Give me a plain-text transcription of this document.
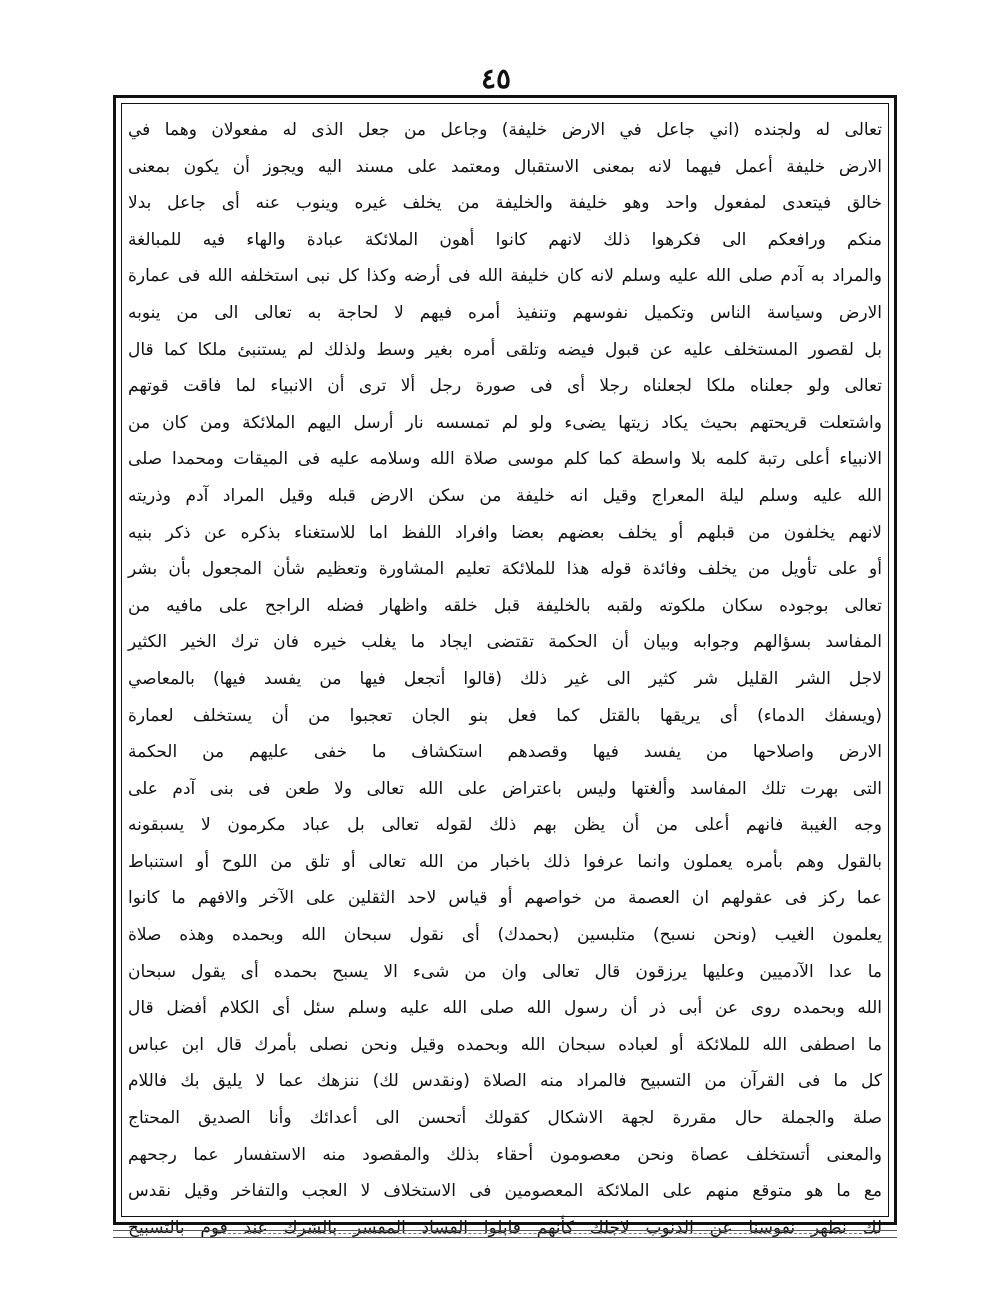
٤٥
تعالى له ولجنده (اني جاعل في الارض خليفة) وجاعل من جعل الذى له مفعولان وهما في
الارض خليفة أعمل فيهما لانه بمعنى الاستقبال ومعتمد على مسند اليه ويجوز أن يكون بمعنى
خالق فيتعدى لمفعول واحد وهو خليفة والخليفة من يخلف غيره وينوب عنه أى جاعل بدلا
منكم ورافعكم الى فكرهوا ذلك لانهم كانوا أهون الملائكة عبادة والهاء فيه للمبالغة
والمراد به آدم صلى الله عليه وسلم لانه كان خليفة الله فى أرضه وكذا كل نبى استخلفه الله فى عمارة
الارض وسياسة الناس وتكميل نفوسهم وتنفيذ أمره فيهم لا لحاجة به تعالى الى من ينوبه
بل لقصور المستخلف عليه عن قبول فيضه وتلقى أمره بغير وسط ولذلك لم يستنبئ ملكا كما قال
تعالى ولو جعلناه ملكا لجعلناه رجلا أى فى صورة رجل ألا ترى أن الانبياء لما فاقت قوتهم
واشتعلت قريحتهم بحيث يكاد زيتها يضىء ولو لم تمسسه نار أرسل اليهم الملائكة ومن كان من
الانبياء أعلى رتبة كلمه بلا واسطة كما كلم موسى صلاة الله وسلامه عليه فى الميقات ومحمدا صلى
الله عليه وسلم ليلة المعراج وقيل انه خليفة من سكن الارض قبله وقيل المراد آدم وذريته
لانهم يخلفون من قبلهم أو يخلف بعضهم بعضا وافراد اللفظ اما للاستغناء بذكره عن ذكر بنيه
أو على تأويل من يخلف وفائدة قوله هذا للملائكة تعليم المشاورة وتعظيم شأن المجعول بأن بشر
تعالى بوجوده سكان ملكوته ولقبه بالخليفة قبل خلقه واظهار فضله الراجح على مافيه من
المفاسد بسؤالهم وجوابه وبيان أن الحكمة تقتضى ايجاد ما يغلب خيره فان ترك الخير الكثير
لاجل الشر القليل شر كثير الى غير ذلك (قالوا أتجعل فيها من يفسد فيها) بالمعاصي
(ويسفك الدماء) أى يريقها بالقتل كما فعل بنو الجان تعجبوا من أن يستخلف لعمارة
الارض واصلاحها من يفسد فيها وقصدهم استكشاف ما خفى عليهم من الحكمة
التى بهرت تلك المفاسد وألغتها وليس باعتراض على الله تعالى ولا طعن فى بنى آدم على
وجه الغيبة فانهم أعلى من أن يظن بهم ذلك لقوله تعالى بل عباد مكرمون لا يسبقونه
بالقول وهم بأمره يعملون وانما عرفوا ذلك باخبار من الله تعالى أو تلق من اللوح أو استنباط
عما ركز فى عقولهم ان العصمة من خواصهم أو قياس لاحد الثقلين على الآخر والافهم ما كانوا
يعلمون الغيب (ونحن نسبح) متلبسين (بحمدك) أى نقول سبحان الله وبحمده وهذه صلاة
ما عدا الآدميين وعليها يرزقون قال تعالى وان من شىء الا يسبح بحمده أى يقول سبحان
الله وبحمده روى عن أبى ذر أن رسول الله صلى الله عليه وسلم سئل أى الكلام أفضل قال
ما اصطفى الله للملائكة أو لعباده سبحان الله وبحمده وقيل ونحن نصلى بأمرك قال ابن عباس
كل ما فى القرآن من التسبيح فالمراد منه الصلاة (ونقدس لك) ننزهك عما لا يليق بك فاللام
صلة والجملة حال مقررة لجهة الاشكال كقولك أتحسن الى أعدائك وأنا الصديق المحتاج
والمعنى أتستخلف عصاة ونحن معصومون أحقاء بذلك والمقصود منه الاستفسار عما رجحهم
مع ما هو متوقع منهم على الملائكة المعصومين فى الاستخلاف لا العجب والتفاخر وقيل نقدس
لك نطهر نفوسنا عن الذنوب لاجلك كأنهم قابلوا الفساد المفسر بالشرك عند قوم بالتسبيح
